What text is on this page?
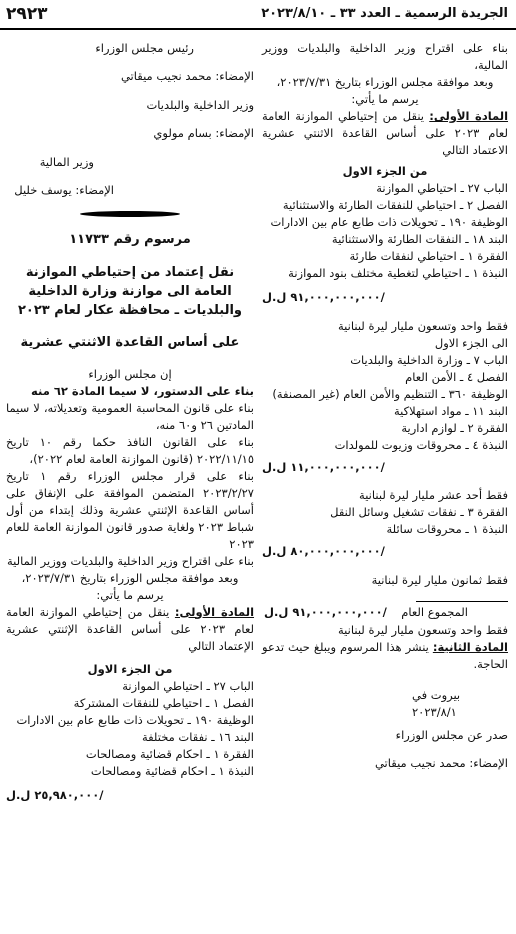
الجريدة الرسمية ـ العدد ٣٣ ـ ٢٠٢٣/٨/١٠
٢٩٢٣

بناء على اقتراح وزير الداخلية والبلديات ووزير المالية،

وبعد موافقة مجلس الوزراء بتاريخ ٢٠٢٣/٧/٣١،

يرسم ما يأتي:

المادة الأولى: ينقل من إحتياطي الموازنة العامة لعام ٢٠٢٣ على أساس القاعدة الاثنتي عشرية الاعتماد التالي

من الجزء الاول

الباب ٢٧ ـ احتياطي الموازنة

الفصل ٢ ـ احتياطي للنفقات الطارئة والاستثنائية

الوظيفة ١٩٠ ـ تحويلات ذات طابع عام بين الادارات

البند ١٨ ـ النفقات الطارئة والاستثنائية

الفقرة ١ ـ احتياطي لنفقات طارئة

النبذة ١ ـ احتياطي لتغطية مختلف بنود الموازنة

٩١,٠٠٠,٠٠٠,٠٠٠ ل.ل/

فقط واحد وتسعون مليار ليرة لبنانية

الى الجزء الاول

الباب ٧ ـ وزارة الداخلية والبلديات

الفصل ٤ ـ الأمن العام

الوظيفة ٣٦٠ ـ التنظيم والأمن العام (غير المصنفة)

البند ١١ ـ مواد استهلاكية

الفقرة ٢ ـ لوازم ادارية

النبذة ٤ ـ محروقات وزيوت للمولدات

١١,٠٠٠,٠٠٠,٠٠٠ ل.ل/

فقط أحد عشر مليار ليرة لبنانية

الفقرة ٣ ـ نفقات تشغيل وسائل النقل

النبذة ١ ـ محروقات سائلة

٨٠,٠٠٠,٠٠٠,٠٠٠ ل.ل/

فقط ثمانون مليار ليرة لبنانية

المجموع العام
٩١,٠٠٠,٠٠٠,٠٠٠ ل.ل/

فقط واحد وتسعون مليار ليرة لبنانية

المادة الثانية: ينشر هذا المرسوم ويبلغ حيث تدعو الحاجة.

بيروت في ٢٠٢٣/٨/١

صدر عن مجلس الوزراء

الإمضاء: محمد نجيب ميقاتي

رئيس مجلس الوزراء

الإمضاء: محمد نجيب ميقاتي

وزير الداخلية والبلديات

الإمضاء: بسام مولوي

وزير المالية

الإمضاء: يوسف خليل

مرسوم رقم ١١٧٣٣

نقل إعتماد من إحتياطي الموازنة العامة الى موازنة وزارة الداخلية والبلديات ـ محافظة عكار لعام ٢٠٢٣

على أساس القاعدة الاثنتي عشرية

إن مجلس الوزراء

بناء على الدستور، لا سيما المادة ٦٢ منه

بناء على قانون المحاسبة العمومية وتعديلاته، لا سيما المادتين ٢٦ و٦٠ منه،

بناء على القانون النافذ حكما رقم ١٠ تاريخ ٢٠٢٢/١١/١٥ (قانون الموازنة العامة لعام ٢٠٢٢)،

بناء على قرار مجلس الوزراء رقم ١ تاريخ ٢٠٢٣/٢/٢٧ المتضمن الموافقة على الإنفاق على أساس القاعدة الإثنتي عشرية وذلك إبتداء من أول شباط ٢٠٢٣ ولغاية صدور قانون الموازنة العامة للعام ٢٠٢٣

بناء على اقتراح وزير الداخلية والبلديات ووزير المالية

وبعد موافقة مجلس الوزراء بتاريخ ٢٠٢٣/٧/٣١،

يرسم ما يأتي:

المادة الأولى: ينقل من إحتياطي الموازنة العامة لعام ٢٠٢٣ على أساس القاعدة الإثنتي عشرية الإعتماد التالي

من الجزء الاول

الباب ٢٧ ـ احتياطي الموازنة

الفصل ١ ـ احتياطي للنفقات المشتركة

الوظيفة ١٩٠ ـ تحويلات ذات طابع عام بين الادارات

البند ١٦ ـ نفقات مختلفة

الفقرة ١ ـ احكام قضائية ومصالحات

النبذة ١ ـ احكام قضائية ومصالحات

٢٥,٩٨٠,٠٠٠ ل.ل/
